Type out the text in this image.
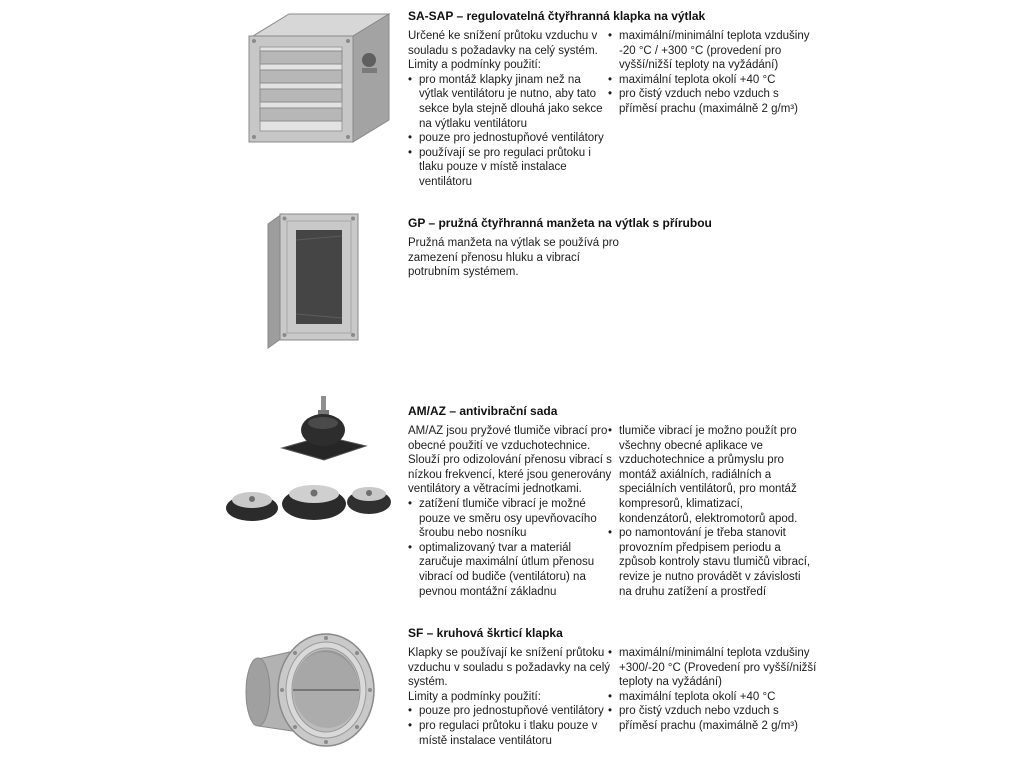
SA-SAP – regulovatelná čtyřhranná klapka na výtlak

Určené ke snížení průtoku vzduchu v souladu s požadavky na celý systém.

Limity a podmínky použití:

• pro montáž klapky jinam než na výtlak ventilátoru je nutno, aby tato sekce byla stejně dlouhá jako sekce na výtlaku ventilátoru
• pouze pro jednostupňové ventilátory
• používají se pro regulaci průtoku i tlaku pouze v místě instalace ventilátoru
• maximální/minimální teplota vzdušiny -20 °C / +300 °C (provedení pro vyšší/nižší teploty na vyžádání)
• maximální teplota okolí +40 °C
• pro čistý vzduch nebo vzduch s příměsí prachu (maximálně 2 g/m³)
GP – pružná čtyřhranná manžeta na výtlak s přírubou

Pružná manžeta na výtlak se používá pro zamezení přenosu hluku a vibrací potrubním systémem.

AM/AZ – antivibrační sada

AM/AZ jsou pryžové tlumiče vibrací pro obecné použití ve vzduchotechnice. Slouží pro odizolování přenosu vibrací s nízkou frekvencí, které jsou generovány ventilátory a větracími jednotkami.

• zatížení tlumiče vibrací je možné pouze ve směru osy upevňovacího šroubu nebo nosníku
• optimalizovaný tvar a materiál zaručuje maximální útlum přenosu vibrací od budiče (ventilátoru) na pevnou montážní základnu
• tlumiče vibrací je možno použít pro všechny obecné aplikace ve vzduchotechnice a průmyslu pro montáž axiálních, radiálních a speciálních ventilátorů, pro montáž kompresorů, klimatizací, kondenzátorů, elektromotorů apod.
• po namontování je třeba stanovit provozním předpisem periodu a způsob kontroly stavu tlumičů vibrací, revize je nutno provádět v závislosti na druhu zatížení a prostředí
SF – kruhová škrticí klapka

Klapky se používají ke snížení průtoku vzduchu v souladu s požadavky na celý systém.

Limity a podmínky použití:

• pouze pro jednostupňové ventilátory
• pro regulaci průtoku i tlaku pouze v místě instalace ventilátoru
• maximální/minimální teplota vzdušiny +300/-20 °C (Provedení pro vyšší/nižší teploty na vyžádání)
• maximální teplota okolí +40 °C
• pro čistý vzduch nebo vzduch s příměsí prachu (maximálně 2 g/m³)
